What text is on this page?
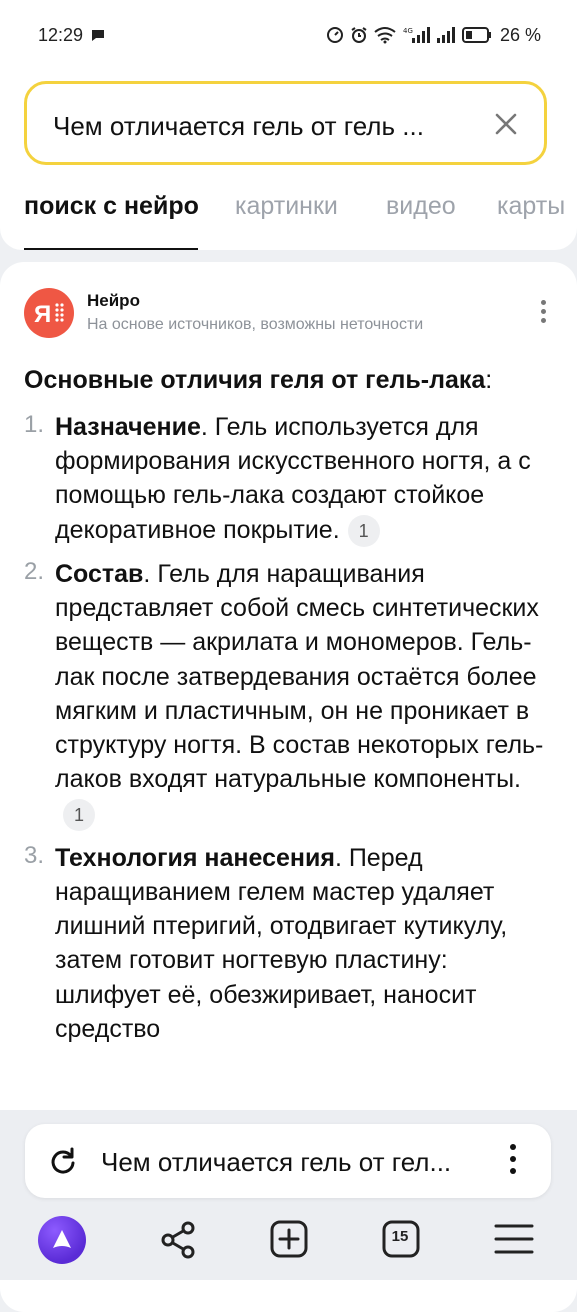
12:29	4G	26 %
Чем отличается гель от гель ...
поиск с нейро картинки видео карты
Я
Нейро
На основе источников, возможны неточности
Основные отличия геля от гель-лака:
1. Назначение. Гель используется для формирования искусственного ногтя, а с помощью гель-лака создают стойкое декоративное покрытие. 1
2. Состав. Гель для наращивания представляет собой смесь синтетических веществ — акрилата и мономеров. Гель-лак после затвердевания остаётся более мягким и пластичным, он не проникает в структуру ногтя. В состав некоторых гель-лаков входят натуральные компоненты.1
3. Технология нанесения. Перед наращиванием гелем мастер удаляет лишний птеригий, отодвигает кутикулу, затем готовит ногтевую пластину: шлифует её, обезжиривает, наносит средство
Чем отличается гель от гел...
15
